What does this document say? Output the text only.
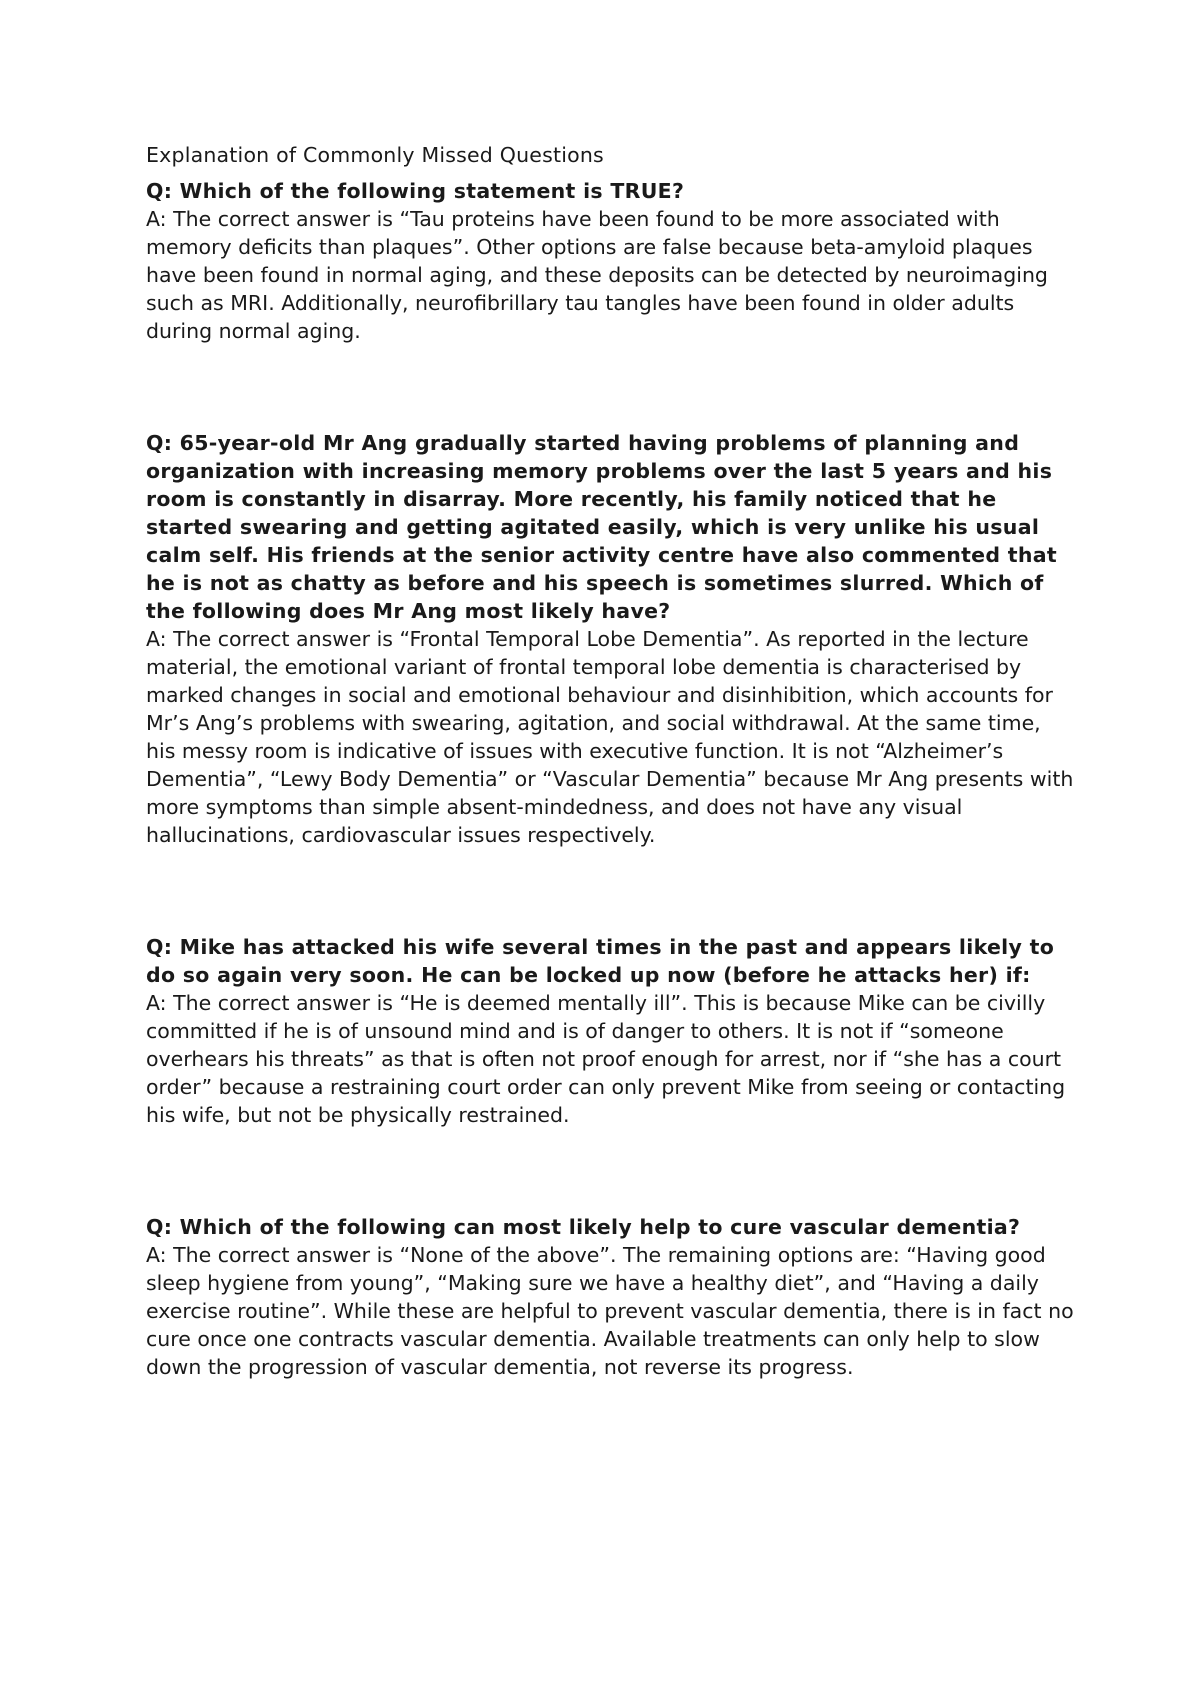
Explanation of Commonly Missed Questions

Q: Which of the following statement is TRUE?

A: The correct answer is “Tau proteins have been found to be more associated with memory deficits than plaques”. Other options are false because beta-amyloid plaques have been found in normal aging, and these deposits can be detected by neuroimaging such as MRI. Additionally, neurofibrillary tau tangles have been found in older adults during normal aging.

Q: 65-year-old Mr Ang gradually started having problems of planning and organization with increasing memory problems over the last 5 years and his room is constantly in disarray. More recently, his family noticed that he started swearing and getting agitated easily, which is very unlike his usual calm self. His friends at the senior activity centre have also commented that he is not as chatty as before and his speech is sometimes slurred. Which of the following does Mr Ang most likely have?

A: The correct answer is “Frontal Temporal Lobe Dementia”. As reported in the lecture material, the emotional variant of frontal temporal lobe dementia is characterised by marked changes in social and emotional behaviour and disinhibition, which accounts for Mr’s Ang’s problems with swearing, agitation, and social withdrawal. At the same time, his messy room is indicative of issues with executive function. It is not “Alzheimer’s Dementia”, “Lewy Body Dementia” or “Vascular Dementia” because Mr Ang presents with more symptoms than simple absent-mindedness, and does not have any visual hallucinations, cardiovascular issues respectively.

Q: Mike has attacked his wife several times in the past and appears likely to do so again very soon. He can be locked up now (before he attacks her) if:

A: The correct answer is “He is deemed mentally ill”. This is because Mike can be civilly committed if he is of unsound mind and is of danger to others. It is not if “someone overhears his threats” as that is often not proof enough for arrest, nor if “she has a court order” because a restraining court order can only prevent Mike from seeing or contacting his wife, but not be physically restrained.

Q: Which of the following can most likely help to cure vascular dementia?

A: The correct answer is “None of the above”. The remaining options are: “Having good sleep hygiene from young”, “Making sure we have a healthy diet”, and “Having a daily exercise routine”. While these are helpful to prevent vascular dementia, there is in fact no cure once one contracts vascular dementia. Available treatments can only help to slow down the progression of vascular dementia, not reverse its progress.
